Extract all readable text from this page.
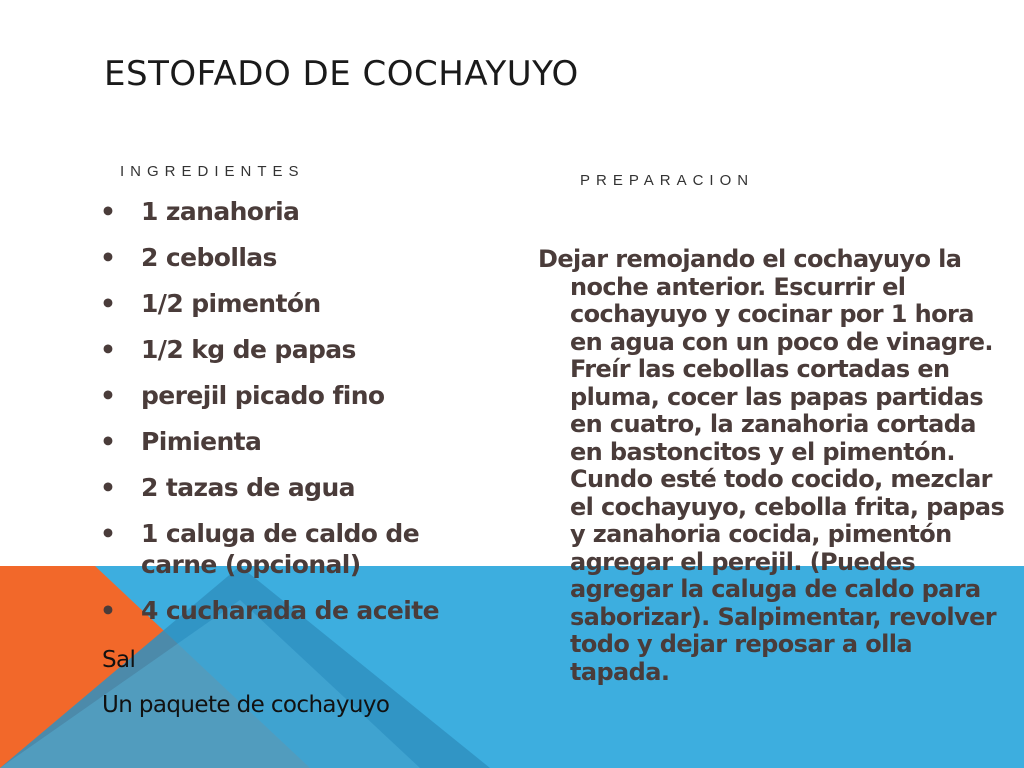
ESTOFADO DE COCHAYUYO
INGREDIENTES
PREPARACION
• 1 zanahoria
• 2 cebollas
• 1/2 pimentón
• 1/2 kg de papas
• perejil picado fino
• Pimienta
• 2 tazas de agua
• 1 caluga de caldo de carne (opcional)
• 4 cucharada de aceite
Sal
Un paquete de cochayuyo

Dejar remojando el cochayuyo la noche anterior. Escurrir el cochayuyo y cocinar por 1 hora en agua con un poco de vinagre. Freír las cebollas cortadas en pluma, cocer las papas partidas en cuatro, la zanahoria cortada en bastoncitos y el pimentón. Cundo esté todo cocido, mezclar el cochayuyo, cebolla frita, papas y zanahoria cocida, pimentón agregar el perejil. (Puedes agregar la caluga de caldo para saborizar). Salpimentar, revolver todo y dejar reposar a olla tapada.
